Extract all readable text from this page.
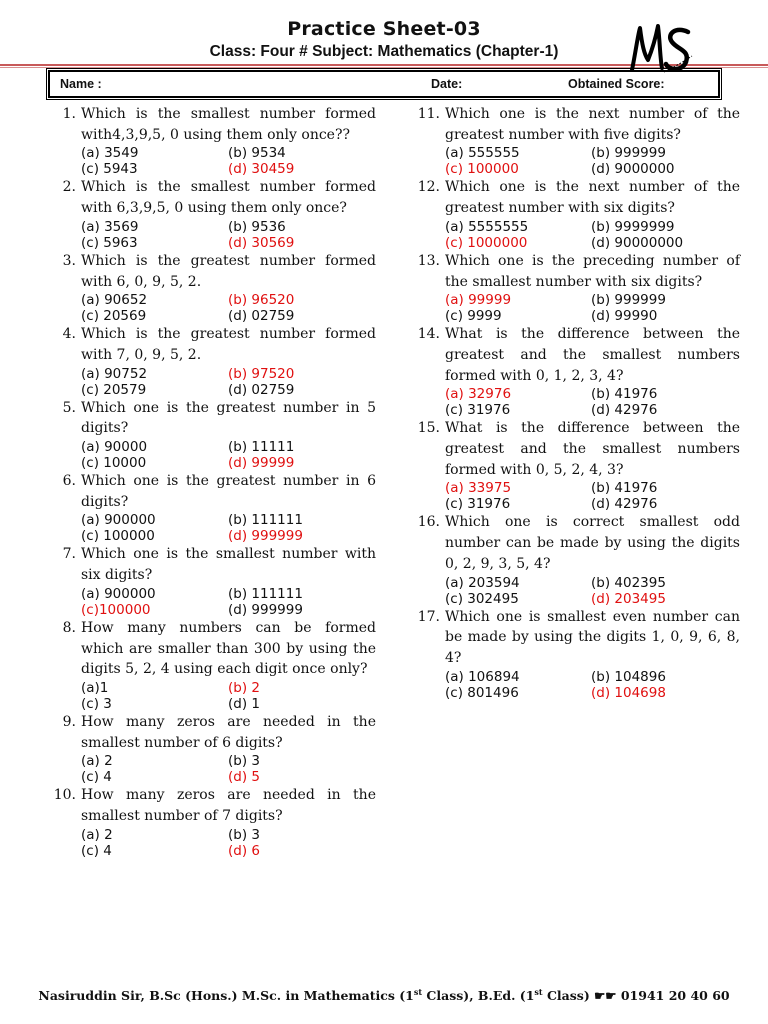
Practice Sheet-03
Class: Four # Subject: Mathematics (Chapter-1)
Name :	Date:	Obtained Score:
1. Which is the smallest number formed with4,3,9,5, 0 using them only once??
(a) 3549	(b) 9534
(c) 5943	(d) 30459
2. Which is the smallest number formed with 6,3,9,5, 0 using them only once?
(a) 3569	(b) 9536
(c) 5963	(d) 30569
3. Which is the greatest number formed with 6, 0, 9, 5, 2.
(a) 90652	(b) 96520
(c) 20569	(d) 02759
4. Which is the greatest number formed with 7, 0, 9, 5, 2.
(a) 90752	(b) 97520
(c) 20579	(d) 02759
5. Which one is the greatest number in 5 digits?
(a) 90000	(b) 11111
(c) 10000	(d) 99999
6. Which one is the greatest number in 6 digits?
(a) 900000	(b) 111111
(c) 100000	(d) 999999
7. Which one is the smallest number with six digits?
(a) 900000	(b) 111111
(c)100000	(d) 999999
8. How many numbers can be formed which are smaller than 300 by using the digits 5, 2, 4 using each digit once only?
(a)1	(b) 2
(c) 3	(d) 1
9. How many zeros are needed in the smallest number of 6 digits?
(a) 2	(b) 3
(c) 4	(d) 5
10. How many zeros are needed in the smallest number of 7 digits?
(a) 2	(b) 3
(c) 4	(d) 6
11. Which one is the next number of the greatest number with five digits?
(a) 555555	(b) 999999
(c) 100000	(d) 9000000
12. Which one is the next number of the greatest number with six digits?
(a) 5555555	(b) 9999999
(c) 1000000	(d) 90000000
13. Which one is the preceding number of the smallest number with six digits?
(a) 99999	(b) 999999
(c) 9999	(d) 99990
14. What is the difference between the greatest and the smallest numbers formed with 0, 1, 2, 3, 4?
(a) 32976	(b) 41976
(c) 31976	(d) 42976
15. What is the difference between the greatest and the smallest numbers formed with 0, 5, 2, 4, 3?
(a) 33975	(b) 41976
(c) 31976	(d) 42976
16. Which one is correct smallest odd number can be made by using the digits 0, 2, 9, 3, 5, 4?
(a) 203594	(b) 402395
(c) 302495	(d) 203495
17. Which one is smallest even number can be made by using the digits 1, 0, 9, 6, 8, 4?
(a) 106894	(b) 104896
(c) 801496	(d) 104698
Nasiruddin Sir, B.Sc (Hons.) M.Sc. in Mathematics (1st Class), B.Ed. (1st Class) ☛☛ 01941 20 40 60
